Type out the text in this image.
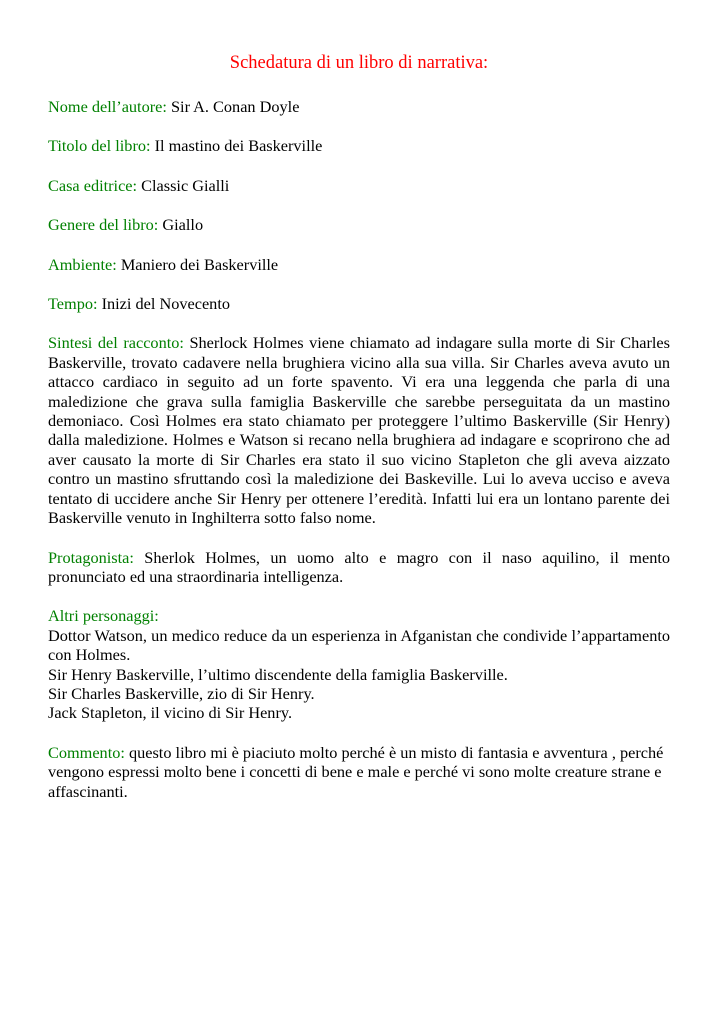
Schedatura di un libro di narrativa:
Nome dell’autore: Sir A. Conan Doyle
Titolo del libro: Il mastino dei Baskerville
Casa editrice: Classic Gialli
Genere del libro: Giallo
Ambiente: Maniero dei Baskerville
Tempo: Inizi del Novecento
Sintesi del racconto: Sherlock Holmes viene chiamato ad indagare sulla morte di Sir Charles Baskerville, trovato cadavere nella brughiera vicino alla sua villa. Sir Charles aveva avuto un attacco cardiaco in seguito ad un forte spavento. Vi era una leggenda che parla di una maledizione che grava sulla famiglia Baskerville che sarebbe perseguitata da un mastino demoniaco. Così Holmes era stato chiamato per proteggere l’ultimo Baskerville (Sir Henry) dalla maledizione. Holmes e Watson si recano nella brughiera ad indagare e scoprirono che ad aver causato la morte di Sir Charles era stato il suo vicino Stapleton che gli aveva aizzato contro un mastino sfruttando così la maledizione dei Baskeville. Lui lo aveva ucciso e aveva tentato di uccidere anche Sir Henry per ottenere l’eredità. Infatti lui era un lontano parente dei Baskerville venuto in Inghilterra sotto falso nome.
Protagonista: Sherlok Holmes, un uomo alto e magro con il naso aquilino, il mento pronunciato ed una straordinaria intelligenza.
Altri personaggi:
Dottor Watson, un medico reduce da un esperienza in Afganistan che condivide l’appartamento con Holmes.
Sir Henry Baskerville, l’ultimo discendente della famiglia Baskerville.
Sir Charles Baskerville, zio di Sir Henry.
Jack Stapleton, il vicino di Sir Henry.
Commento: questo libro mi è piaciuto molto perché è un misto di fantasia e avventura , perché vengono espressi molto bene i concetti di bene e male e perché vi sono molte creature strane e affascinanti.
